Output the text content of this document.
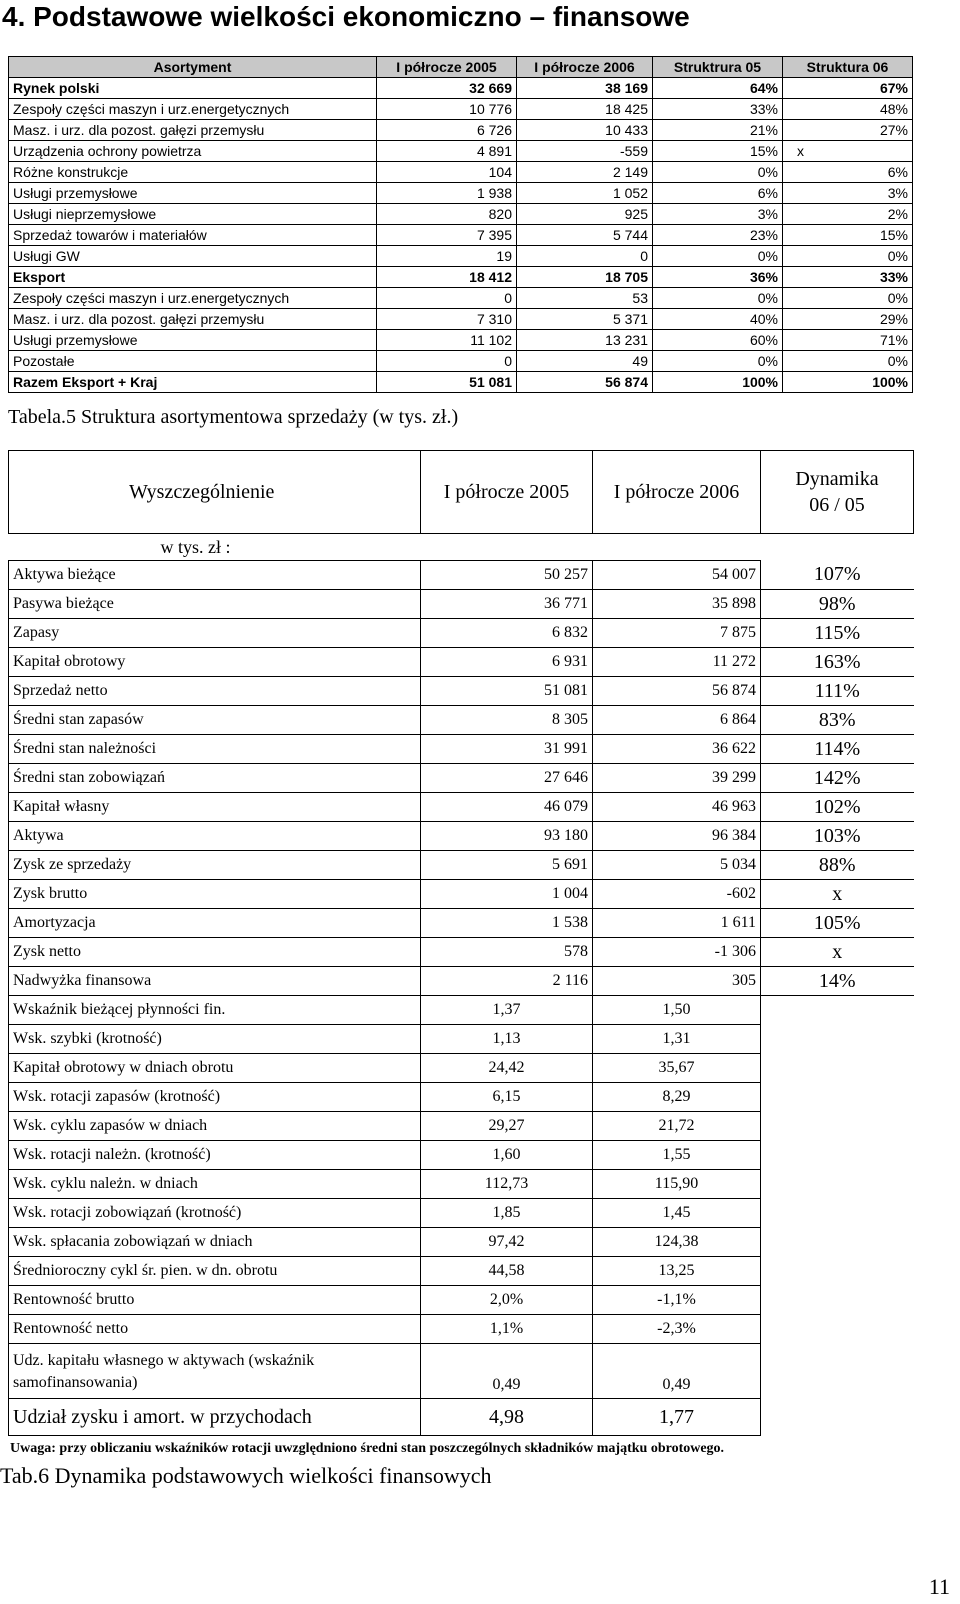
4. Podstawowe wielkości ekonomiczno – finansowe
Asortyment	I półrocze 2005	I półrocze 2006	Struktrura 05	Struktura 06
Rynek polski	32 669	38 169	64%	67%
Zespoły części maszyn i urz.energetycznych	10 776	18 425	33%	48%
Masz. i urz. dla pozost. gałęzi przemysłu	6 726	10 433	21%	27%
Urządzenia ochrony powietrza	4 891	-559	15%	x
Różne konstrukcje	104	2 149	0%	6%
Usługi przemysłowe	1 938	1 052	6%	3%
Usługi nieprzemysłowe	820	925	3%	2%
Sprzedaż towarów i materiałów	7 395	5 744	23%	15%
Usługi GW	19	0	0%	0%
Eksport	18 412	18 705	36%	33%
Zespoły części maszyn i urz.energetycznych	0	53	0%	0%
Masz. i urz. dla pozost. gałęzi przemysłu	7 310	5 371	40%	29%
Usługi przemysłowe	11 102	13 231	60%	71%
Pozostałe	0	49	0%	0%
Razem Eksport + Kraj	51 081	56 874	100%	100%
Tabela.5 Struktura asortymentowa sprzedaży (w tys. zł.)
Wyszczególnienie	I półrocze 2005	I półrocze 2006	Dynamika
06 / 05
w tys. zł :			
Aktywa bieżące	50 257	54 007	107%
Pasywa bieżące	36 771	35 898	98%
Zapasy	6 832	7 875	115%
Kapitał obrotowy	6 931	11 272	163%
Sprzedaż netto	51 081	56 874	111%
Średni stan zapasów	8 305	6 864	83%
Średni stan należności	31 991	36 622	114%
Średni stan zobowiązań	27 646	39 299	142%
Kapitał własny	46 079	46 963	102%
Aktywa	93 180	96 384	103%
Zysk ze sprzedaży	5 691	5 034	88%
Zysk brutto	1 004	-602	x
Amortyzacja	1 538	1 611	105%
Zysk netto	578	-1 306	x
Nadwyżka finansowa	2 116	305	14%
Wskaźnik bieżącej płynności fin.	1,37	1,50	
Wsk. szybki (krotność)	1,13	1,31	
Kapitał obrotowy w dniach obrotu	24,42	35,67	
Wsk. rotacji zapasów (krotność)	6,15	8,29	
Wsk. cyklu zapasów w dniach	29,27	21,72	
Wsk. rotacji należn. (krotność)	1,60	1,55	
Wsk. cyklu należn. w dniach	112,73	115,90	
Wsk. rotacji zobowiązań (krotność)	1,85	1,45	
Wsk. spłacania zobowiązań w dniach	97,42	124,38	
Średnioroczny cykl śr. pien. w dn. obrotu	44,58	13,25	
Rentowność brutto	2,0%	-1,1%	
Rentowność netto	1,1%	-2,3%	
Udz. kapitału własnego w aktywach (wskaźnik samofinansowania)	0,49	0,49	
Udział zysku i amort. w przychodach	4,98	1,77	
Uwaga: przy obliczaniu wskaźników rotacji uwzględniono średni stan poszczególnych składników majątku obrotowego.
Tab.6 Dynamika podstawowych wielkości finansowych
11
